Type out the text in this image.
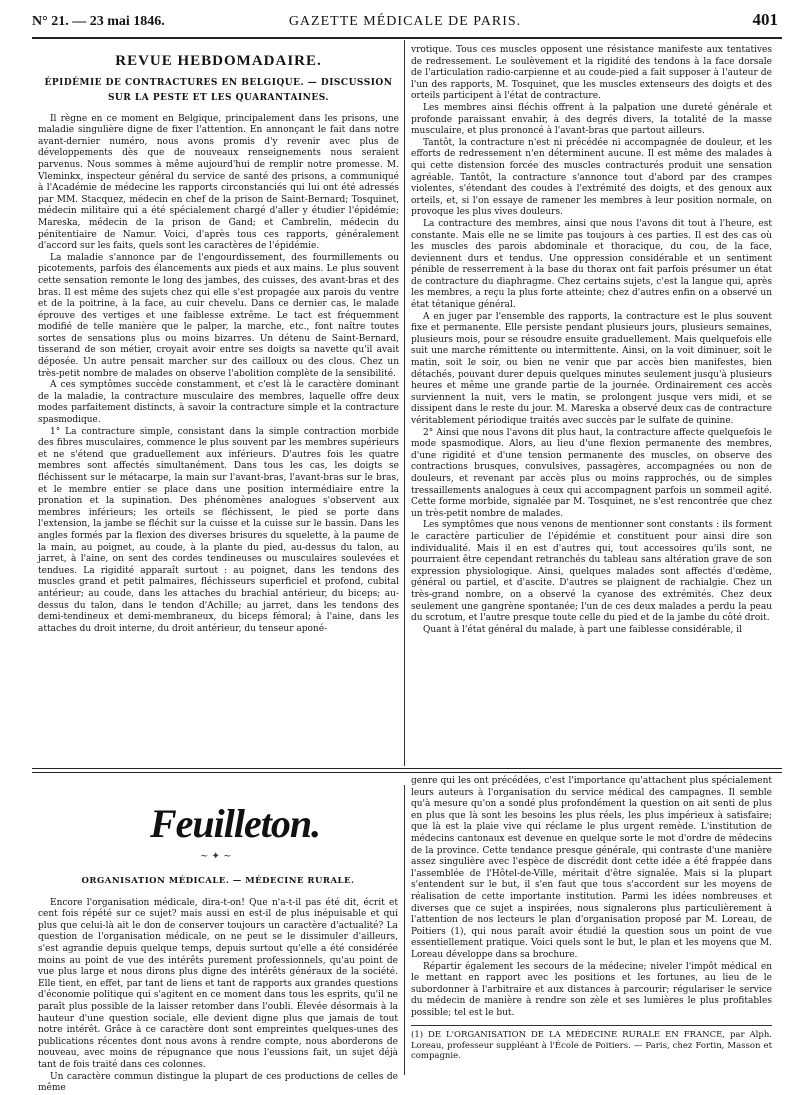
N° 21. — 23 mai 1846.	GAZETTE MÉDICALE DE PARIS.	401
REVUE HEBDOMADAIRE.
ÉPIDÉMIE DE CONTRACTURES EN BELGIQUE. — DISCUSSION
SUR LA PESTE ET LES QUARANTAINES.

Il règne en ce moment en Belgique, principalement dans les prisons, une maladie singulière digne de fixer l'attention. En annonçant le fait dans notre avant-dernier numéro, nous avons promis d'y revenir avec plus de développements dès que de nouveaux renseignements nous seraient parvenus. Nous sommes à même aujourd'hui de remplir notre promesse. M. Vleminkx, inspecteur général du service de santé des prisons, a communiqué à l'Académie de médecine les rapports circonstanciés qui lui ont été adressés par MM. Stacquez, médecin en chef de la prison de Saint-Bernard; Tosquinet, médecin militaire qui a été spécialement chargé d'aller y étudier l'épidémie; Mareska, médecin de la prison de Gand; et Cambrelin, médecin du pénitentiaire de Namur. Voici, d'après tous ces rapports, généralement d'accord sur les faits, quels sont les caractères de l'épidémie.

La maladie s'annonce par de l'engourdissement, des fourmillements ou picotements, parfois des élancements aux pieds et aux mains. Le plus souvent cette sensation remonte le long des jambes, des cuisses, des avant-bras et des bras. Il est même des sujets chez qui elle s'est propagée aux parois du ventre et de la poitrine, à la face, au cuir chevelu. Dans ce dernier cas, le malade éprouve des vertiges et une faiblesse extrême. Le tact est fréquemment modifié de telle manière que le palper, la marche, etc., font naître toutes sortes de sensations plus ou moins bizarres. Un détenu de Saint-Bernard, tisserand de son métier, croyait avoir entre ses doigts sa navette qu'il avait déposée. Un autre pensait marcher sur des cailloux ou des clous. Chez un très-petit nombre de malades on observe l'abolition complète de la sensibilité.

A ces symptômes succède constamment, et c'est là le caractère dominant de la maladie, la contracture musculaire des membres, laquelle offre deux modes parfaitement distincts, à savoir la contracture simple et la contracture spasmodique.

1° La contracture simple, consistant dans la simple contraction morbide des fibres musculaires, commence le plus souvent par les membres supérieurs et ne s'étend que graduellement aux inférieurs. D'autres fois les quatre membres sont affectés simultanément. Dans tous les cas, les doigts se fléchissent sur le métacarpe, la main sur l'avant-bras, l'avant-bras sur le bras, et le membre entier se place dans une position intermédiaire entre la pronation et la supination. Des phénomènes analogues s'observent aux membres inférieurs; les orteils se fléchissent, le pied se porte dans l'extension, la jambe se fléchit sur la cuisse et la cuisse sur le bassin. Dans les angles formés par la flexion des diverses brisures du squelette, à la paume de la main, au poignet, au coude, à la plante du pied, au-dessus du talon, au jarret, à l'aine, on sent des cordes tendineuses ou musculaires soulevées et tendues. La rigidité apparaît surtout : au poignet, dans les tendons des muscles grand et petit palmaires, fléchisseurs superficiel et profond, cubital antérieur; au coude, dans les attaches du brachial antérieur, du biceps; au-dessus du talon, dans le tendon d'Achille; au jarret, dans les tendons des demi-tendineux et demi-membraneux, du biceps fémoral; à l'aine, dans les attaches du droit interne, du droit antérieur, du tenseur aponé-

vrotique. Tous ces muscles opposent une résistance manifeste aux tentatives de redressement. Le soulèvement et la rigidité des tendons à la face dorsale de l'articulation radio-carpienne et au coude-pied a fait supposer à l'auteur de l'un des rapports, M. Tosquinet, que les muscles extenseurs des doigts et des orteils participent à l'état de contracture.

Les membres ainsi fléchis offrent à la palpation une dureté générale et profonde paraissant envahir, à des degrés divers, la totalité de la masse musculaire, et plus prononcé à l'avant-bras que partout ailleurs.

Tantôt, la contracture n'est ni précédée ni accompagnée de douleur, et les efforts de redressement n'en déterminent aucune. Il est même des malades à qui cette distension forcée des muscles contracturés produit une sensation agréable. Tantôt, la contracture s'annonce tout d'abord par des crampes violentes, s'étendant des coudes à l'extrémité des doigts, et des genoux aux orteils, et, si l'on essaye de ramener les membres à leur position normale, on provoque les plus vives douleurs.

La contracture des membres, ainsi que nous l'avons dit tout à l'heure, est constante. Mais elle ne se limite pas toujours à ces parties. Il est des cas où les muscles des parois abdominale et thoracique, du cou, de la face, deviennent durs et tendus. Une oppression considérable et un sentiment pénible de resserrement à la base du thorax ont fait parfois présumer un état de contracture du diaphragme. Chez certains sujets, c'est la langue qui, après les membres, a reçu la plus forte atteinte; chez d'autres enfin on a observé un état tétanique général.

A en juger par l'ensemble des rapports, la contracture est le plus souvent fixe et permanente. Elle persiste pendant plusieurs jours, plusieurs semaines, plusieurs mois, pour se résoudre ensuite graduellement. Mais quelquefois elle suit une marche rémittente ou intermittente. Ainsi, on la voit diminuer, soit le matin, soit le soir, ou bien ne venir que par accès bien manifestes, bien détachés, pouvant durer depuis quelques minutes seulement jusqu'à plusieurs heures et même une grande partie de la journée. Ordinairement ces accès surviennent la nuit, vers le matin, se prolongent jusque vers midi, et se dissipent dans le reste du jour. M. Mareska a observé deux cas de contracture véritablement périodique traités avec succès par le sulfate de quinine.

2° Ainsi que nous l'avons dit plus haut, la contracture affecte quelquefois le mode spasmodique. Alors, au lieu d'une flexion permanente des membres, d'une rigidité et d'une tension permanente des muscles, on observe des contractions brusques, convulsives, passagères, accompagnées ou non de douleurs, et revenant par accès plus ou moins rapprochés, ou de simples tressaillements analogues à ceux qui accompagnent parfois un sommeil agité. Cette forme morbide, signalée par M. Tosquinet, ne s'est rencontrée que chez un très-petit nombre de malades.

Les symptômes que nous venons de mentionner sont constants : ils forment le caractère particulier de l'épidémie et constituent pour ainsi dire son individualité. Mais il en est d'autres qui, tout accessoires qu'ils sont, ne pourraient être cependant retranchés du tableau sans altération grave de son expression physiologique. Ainsi, quelques malades sont affectés d'œdème, général ou partiel, et d'ascite. D'autres se plaignent de rachialgie. Chez un très-grand nombre, on a observé la cyanose des extrémités. Chez deux seulement une gangrène spontanée; l'un de ces deux malades a perdu la peau du scrotum, et l'autre presque toute celle du pied et de la jambe du côté droit.

Quant à l'état général du malade, à part une faiblesse considérable, il

Feuilleton.
~ ✦ ~
ORGANISATION MÉDICALE. — MÉDECINE RURALE.

Encore l'organisation médicale, dira-t-on! Que n'a-t-il pas été dit, écrit et cent fois répété sur ce sujet? mais aussi en est-il de plus inépuisable et qui plus que celui-là ait le don de conserver toujours un caractère d'actualité? La question de l'organisation médicale, on ne peut se le dissimuler d'ailleurs, s'est agrandie depuis quelque temps, depuis surtout qu'elle a été considérée moins au point de vue des intérêts purement professionnels, qu'au point de vue plus large et nous dirons plus digne des intérêts généraux de la société. Elle tient, en effet, par tant de liens et tant de rapports aux grandes questions d'économie politique qui s'agitent en ce moment dans tous les esprits, qu'il ne paraît plus possible de la laisser retomber dans l'oubli. Élevée désormais à la hauteur d'une question sociale, elle devient digne plus que jamais de tout notre intérêt. Grâce à ce caractère dont sont empreintes quelques-unes des publications récentes dont nous avons à rendre compte, nous aborderons de nouveau, avec moins de répugnance que nous l'eussions fait, un sujet déjà tant de fois traité dans ces colonnes.

Un caractère commun distingue la plupart de ces productions de celles de même

genre qui les ont précédées, c'est l'importance qu'attachent plus spécialement leurs auteurs à l'organisation du service médical des campagnes. Il semble qu'à mesure qu'on a sondé plus profondément la question on ait senti de plus en plus que là sont les besoins les plus réels, les plus impérieux à satisfaire; que là est la plaie vive qui réclame le plus urgent remède. L'institution de médecins cantonaux est devenue en quelque sorte le mot d'ordre de médecins de la province. Cette tendance presque générale, qui contraste d'une manière assez singulière avec l'espèce de discrédit dont cette idée a été frappée dans l'assemblée de l'Hôtel-de-Ville, méritait d'être signalée. Mais si la plupart s'entendent sur le but, il s'en faut que tous s'accordent sur les moyens de réalisation de cette importante institution. Parmi les idées nombreuses et diverses que ce sujet a inspirées, nous signalerons plus particulièrement à l'attention de nos lecteurs le plan d'organisation proposé par M. Loreau, de Poitiers (1), qui nous paraît avoir étudié la question sous un point de vue essentiellement pratique. Voici quels sont le but, le plan et les moyens que M. Loreau développe dans sa brochure.

Répartir également les secours de la médecine; niveler l'impôt médical en le mettant en rapport avec les positions et les fortunes, au lieu de le subordonner à l'arbitraire et aux distances à parcourir; régulariser le service du médecin de manière à rendre son zèle et ses lumières le plus profitables possible; tel est le but.

(1) DE L'ORGANISATION DE LA MÉDECINE RURALE EN FRANCE, par Alph. Loreau, professeur suppléant à l'École de Poitiers. — Paris, chez Fortin, Masson et compagnie.
